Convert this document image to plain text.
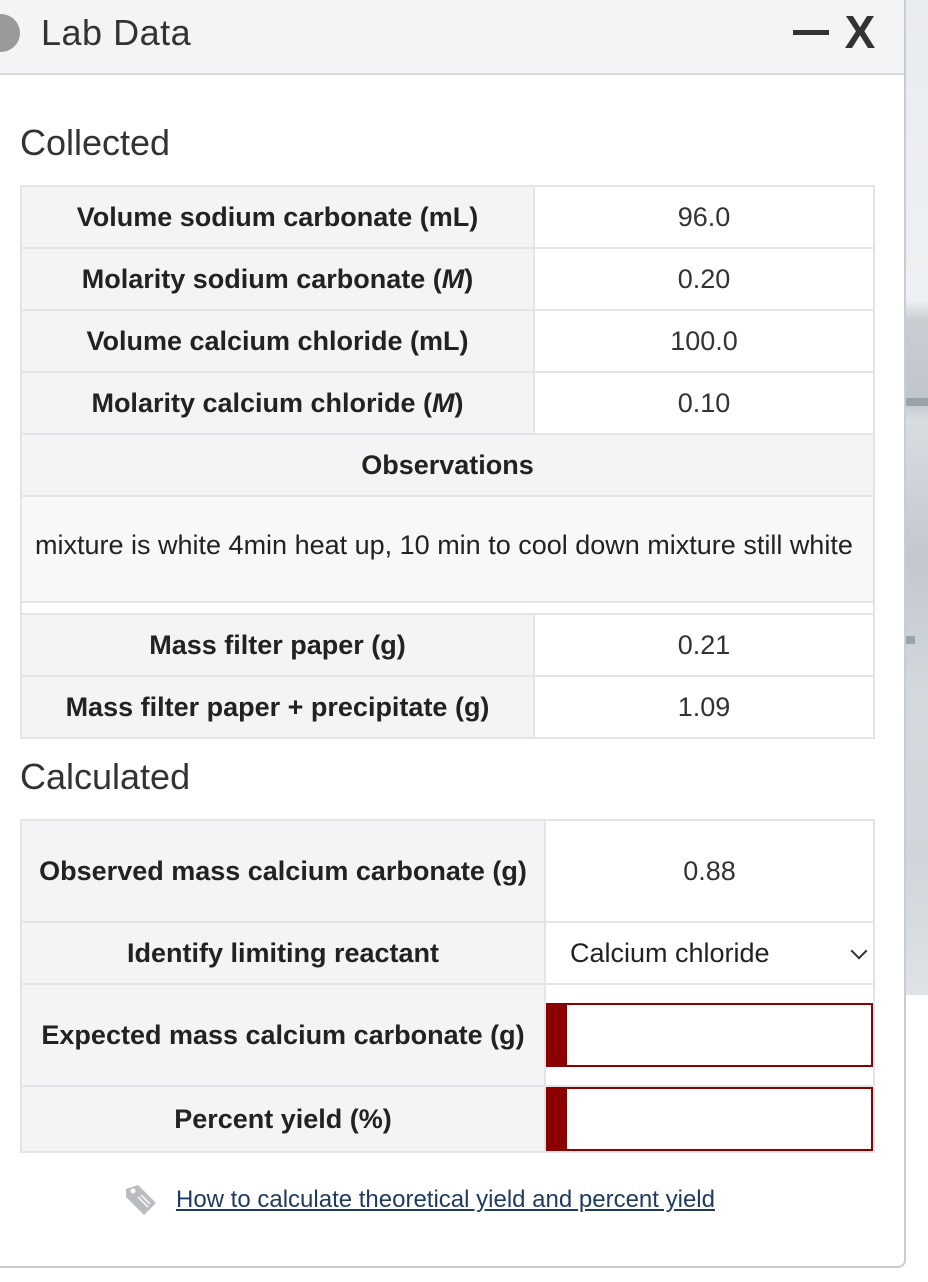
Lab Data	X
Collected
Volume sodium carbonate (mL)	96.0
Molarity sodium carbonate (M)	0.20
Volume calcium chloride (mL)	100.0
Molarity calcium chloride (M)	0.10
Observations	
mixture is white 4min heat up, 10 min to cool down mixture still white	

Mass filter paper (g)	0.21
Mass filter paper + precipitate (g)	1.09
Calculated
Observed mass calcium carbonate (g)	0.88
Identify limiting reactant	Calcium chloride

Expected mass calcium carbonate (g)	

Percent yield (%)	
How to calculate theoretical yield and percent yield
